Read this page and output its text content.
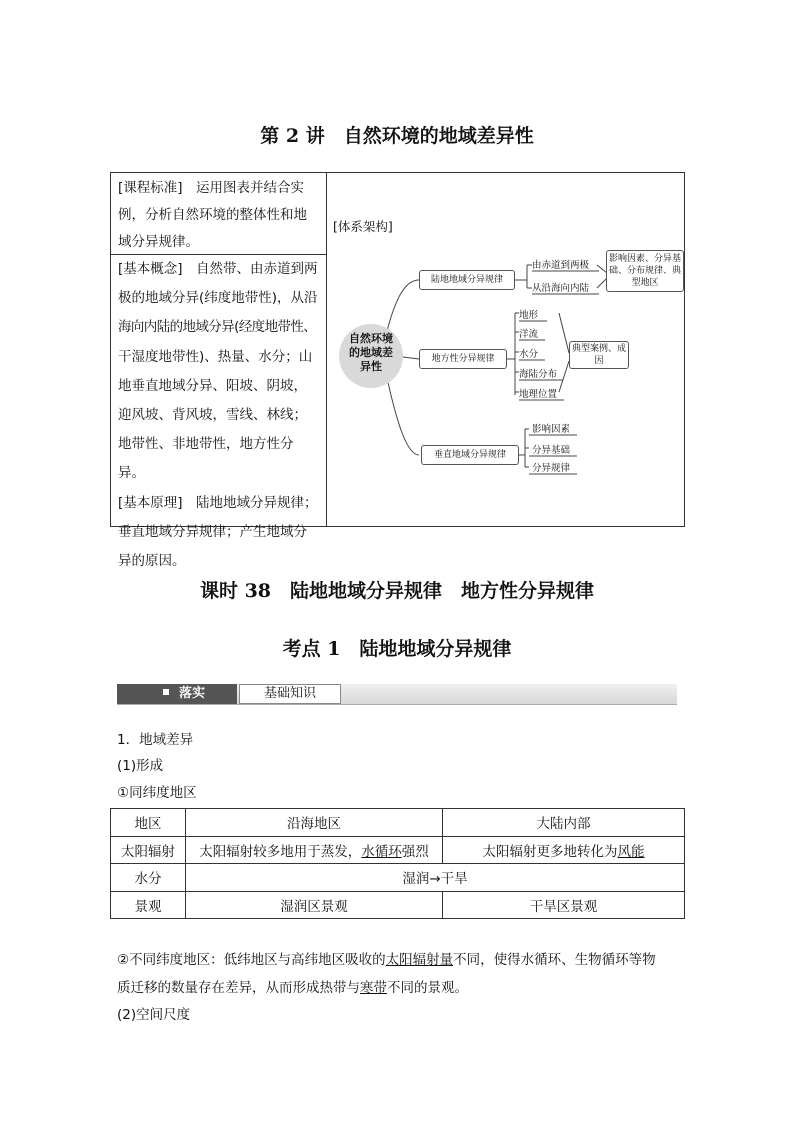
第 2 讲　自然环境的地域差异性
[课程标准]　运用图表并结合实
例，分析自然环境的整体性和地
域分异规律。
[基本概念]　自然带、由赤道到两
极的地域分异(纬度地带性)，从沿
海向内陆的地域分异(经度地带性、
干湿度地带性)、热量、水分；山
地垂直地域分异、阳坡、阴坡，
迎风坡、背风坡，雪线、林线；
地带性、非地带性，地方性分异。
[基本原理]　陆地地域分异规律；
垂直地域分异规律；产生地域分
异的原因。
[体系架构]
自然环境的地域差异性
陆地地域分异规律
由赤道到两极
从沿海向内陆
影响因素、分异基础、分布规律、典型地区
地方性分异规律
地形
洋流
水分
海陆分布
地理位置
典型案例、成因
垂直地域分异规律
影响因素
分异基础
分异规律
课时 38　陆地地域分异规律　地方性分异规律
考点 1　陆地地域分异规律
落实	基础知识
1．地域差异
(1)形成
①同纬度地区
地区	沿海地区	大陆内部
太阳辐射	太阳辐射较多地用于蒸发，水循环强烈	太阳辐射更多地转化为风能
水分	湿润→干旱	
景观	湿润区景观	干旱区景观
②不同纬度地区：低纬地区与高纬地区吸收的太阳辐射量不同，使得水循环、生物循环等物
质迁移的数量存在差异，从而形成热带与寒带不同的景观。
(2)空间尺度
